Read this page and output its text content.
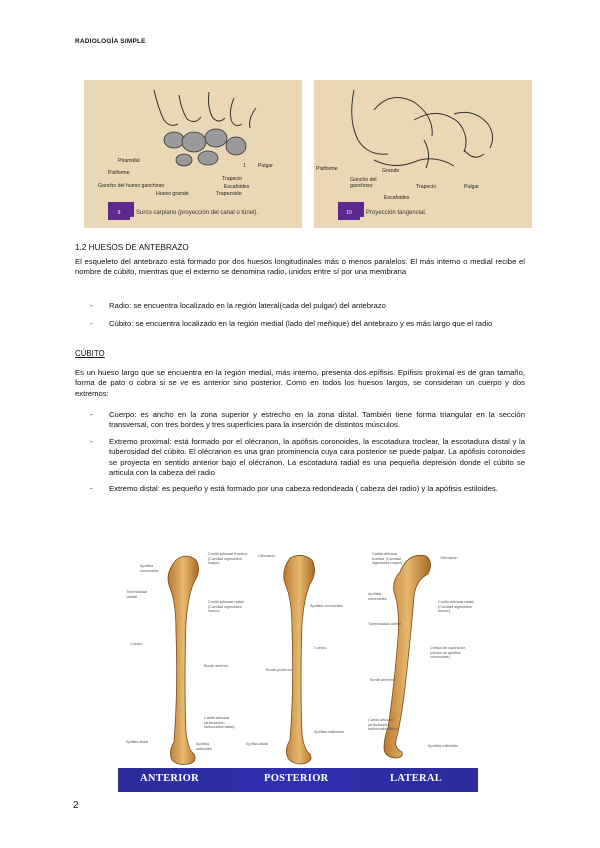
RADIOLOGÍA SIMPLE
Piramidal
Pisiforme
Gancho del hueso ganchoso
Hueso grande	Trapezoide
Trapecio
Escafoides
Pulgar
1
9	Surco carpiano (proyección del canal o túnel).
Pisiforme	Grande
Gancho del ganchoso	Trapecio	Pulgar
Escafoides
10	Proyección tangencial.
1.2 HUESOS DE ANTEBRAZO
El esqueleto del antebrazo está formado por dos huesos longitudinales más o menos paralelos. El más interno o medial recibe el nombre de cúbito, mientras que el externo se denomina radio, unidos entre sí por una membrana
- Radio: se encuentra localizado en la región lateral(cada del pulgar) del antebrazo
- Cúbito: se encuentra localizado en la región medial (lado del meñique) del antebrazo y es más largo que el radio
CÚBITO
Es un hueso largo que se encuentra en la región medial, más interno, presenta dos epífisis. Epífisis proximal es de gran tamaño, forma de pato o cobra si se ve es anterior sino posterior. Como en todos los huesos largos, se consideran un cuerpo y dos extremos:
- Cuerpo: es ancho en la zona superior y estrecho en la zona distal. También tiene forma triangular en la sección transversal, con tres bordes y tres superficies para la inserción de distintos músculos.
- Extremo proximal: está formado por el olécranon, la apófisis coronoides, la escotadura troclear, la escotadura distal y la tuberosidad del cúbito. El olécranon es una gran prominencia cuya cara posterior se puede palpar. La apófisis coronoides se proyecta en sentido anterior bajo el olécranon. La escotadura radial es una pequeña depresión donde el cúbito se articula con la cabeza del radio
- Extremo distal: es pequeño y está formado por una cabeza redondeada ( cabeza del radio) y la apófisis estiloides.
Apófisis coronoides
Tuberosidad cubital
Carilla articular troclear (Cavidad sigmoidea mayor)
Carilla articular radial (Cavidad sigmoidea menor)
Cuerpo
Borde anterior
Carilla articular (articulación radiocubital distal)
Epífisis distal	Apófisis estiloides
Olécranon
Apófisis coronoides
Cuerpo
Borde posterior
Apófisis estiloides
Epífisis distal
Carilla articular troclear (Cavidad sigmoidea mayor)
Olécranon
Apófisis coronoides
Carilla articular radial (Cavidad sigmoidea menor)
Tuberosidad cubital
Cresta del supinador (cresta de apófisis coronoides)
Borde anterior
Carilla articular (articulación radiocubital distal)
Apófisis estiloides
ANTERIOR	POSTERIOR	LATERAL
2
